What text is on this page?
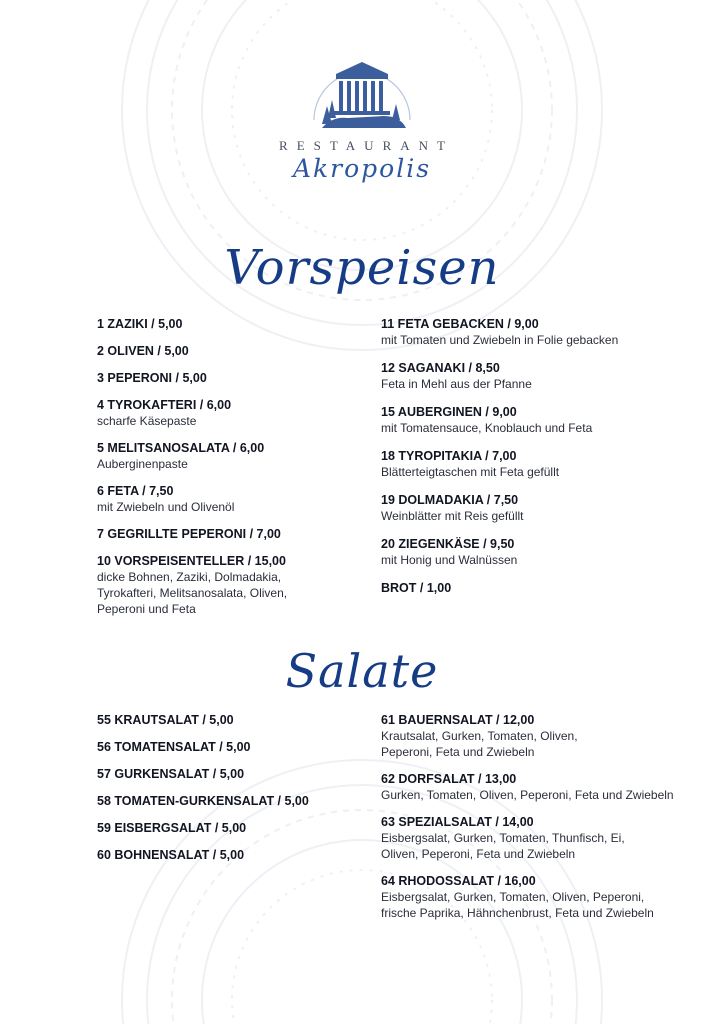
RESTAURANT
Akropolis
Vorspeisen
1 ZAZIKI / 5,00
2 OLIVEN / 5,00
3 PEPERONI / 5,00
4 TYROKAFTERI / 6,00
scharfe Käsepaste
5 MELITSANOSALATA / 6,00
Auberginenpaste
6 FETA / 7,50
mit Zwiebeln und Olivenöl
7 GEGRILLTE PEPERONI / 7,00
10 VORSPEISENTELLER / 15,00
dicke Bohnen, Zaziki, Dolmadakia, Tyrokafteri, Melitsanosalata, Oliven, Peperoni und Feta
11 FETA GEBACKEN / 9,00
mit Tomaten und Zwiebeln in Folie gebacken
12 SAGANAKI / 8,50
Feta in Mehl aus der Pfanne
15 AUBERGINEN / 9,00
mit Tomatensauce, Knoblauch und Feta
18 TYROPITAKIA / 7,00
Blätterteigtaschen mit Feta gefüllt
19 DOLMADAKIA / 7,50
Weinblätter mit Reis gefüllt
20 ZIEGENKÄSE / 9,50
mit Honig und Walnüssen
BROT / 1,00
Salate
55 KRAUTSALAT / 5,00
56 TOMATENSALAT / 5,00
57 GURKENSALAT / 5,00
58 TOMATEN-GURKENSALAT / 5,00
59 EISBERGSALAT / 5,00
60 BOHNENSALAT / 5,00
61 BAUERNSALAT / 12,00
Krautsalat, Gurken, Tomaten, Oliven, Peperoni, Feta und Zwiebeln
62 DORFSALAT / 13,00
Gurken, Tomaten, Oliven, Peperoni, Feta und Zwiebeln
63 SPEZIALSALAT / 14,00
Eisbergsalat, Gurken, Tomaten, Thunfisch, Ei, Oliven, Peperoni, Feta und Zwiebeln
64 RHODOSSALAT / 16,00
Eisbergsalat, Gurken, Tomaten, Oliven, Peperoni, frische Paprika, Hähnchenbrust, Feta und Zwiebeln
